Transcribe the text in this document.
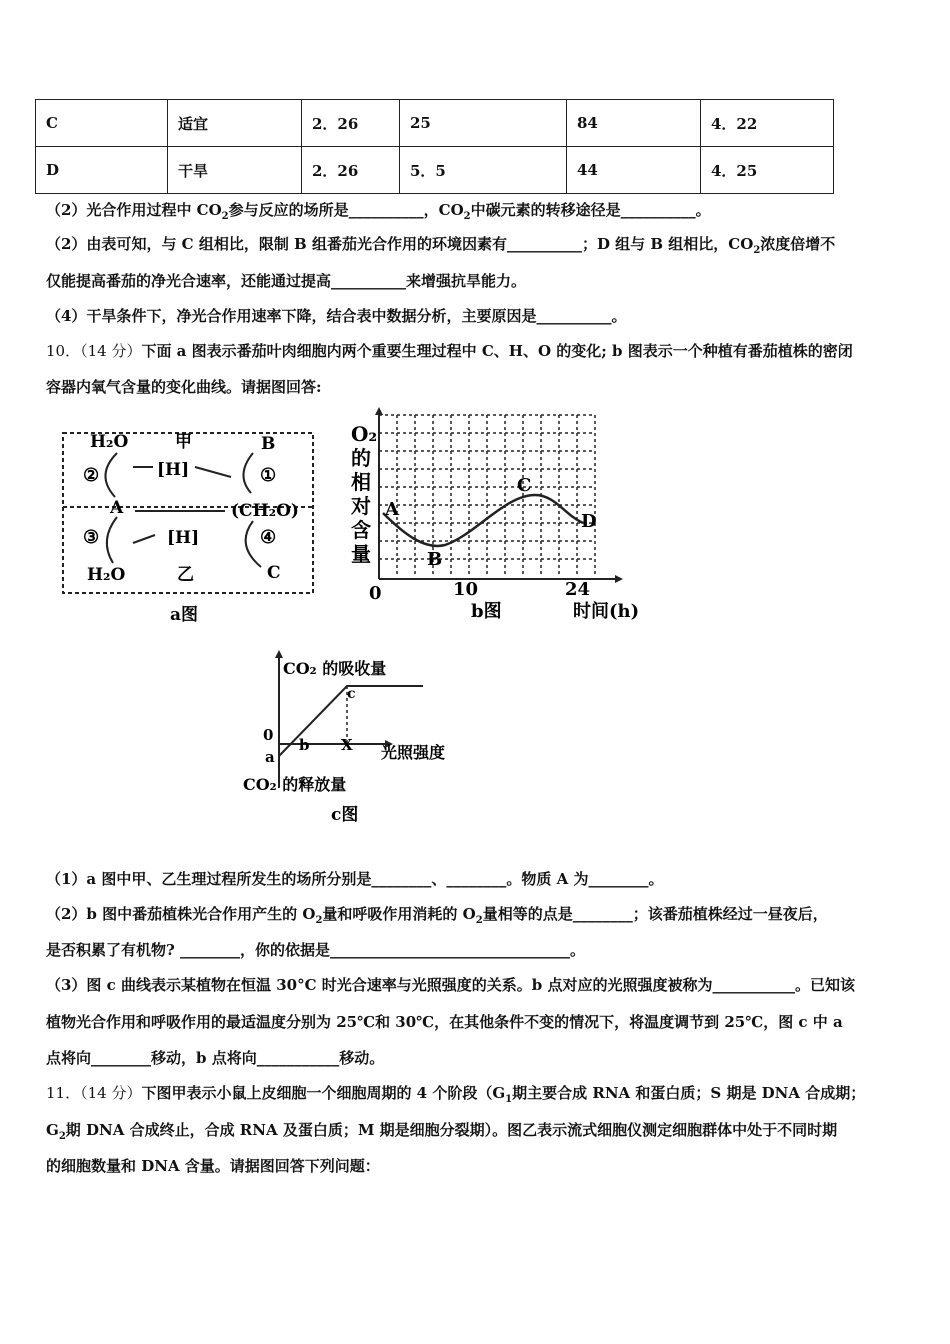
C	适宜	2．26	25	84	4．22
D	干旱	2．26	5．5	44	4．25
（2）光合作用过程中 $CO_2$参与反应的场所是__________，$CO_2$中碳元素的转移途径是__________。
（2）由表可知，与 C 组相比，限制 B 组番茄光合作用的环境因素有__________；D 组与 B 组相比，$CO_2$浓度倍增不
仅能提高番茄的净光合速率，还能通过提高__________来增强抗旱能力。
（4）干旱条件下，净光合作用速率下降，结合表中数据分析，主要原因是__________。
10．（14 分）下面 a 图表示番茄叶肉细胞内两个重要生理过程中 C、H、O 的变化; b 图表示一个种植有番茄植株的密闭
容器内氧气含量的变化曲线。请据图回答:
H₂O	甲	B
②	[H]	①
A	(CH₂O)
③	[H]	④
H₂O	乙	C
a图
O₂
的
相
对
含
量
A
B
C
D
0	10	24
b图	时间(h)
CO₂ 的吸收量
0
a
b
c
X 光照强度
CO₂ 的释放量
c图
（1）a 图中甲、乙生理过程所发生的场所分别是________、________。物质 A 为________。
（2）b 图中番茄植株光合作用产生的 $O_2$量和呼吸作用消耗的 $O_2$量相等的点是________；该番茄植株经过一昼夜后，
是否积累了有机物? ________，你的依据是________________________________。
（3）图 c 曲线表示某植物在恒温 30°C 时光合速率与光照强度的关系。b 点对应的光照强度被称为___________。已知该
植物光合作用和呼吸作用的最适温度分别为 25℃和 30℃，在其他条件不变的情况下，将温度调节到 25℃，图 c 中 a
点将向________移动，b 点将向___________移动。
11．（14 分）下图甲表示小鼠上皮细胞一个细胞周期的 4 个阶段（$G_1$期主要合成 RNA 和蛋白质；S 期是 DNA 合成期；
$G_2$期 DNA 合成终止，合成 RNA 及蛋白质；M 期是细胞分裂期）。图乙表示流式细胞仪测定细胞群体中处于不同时期
的细胞数量和 DNA 含量。请据图回答下列问题：
